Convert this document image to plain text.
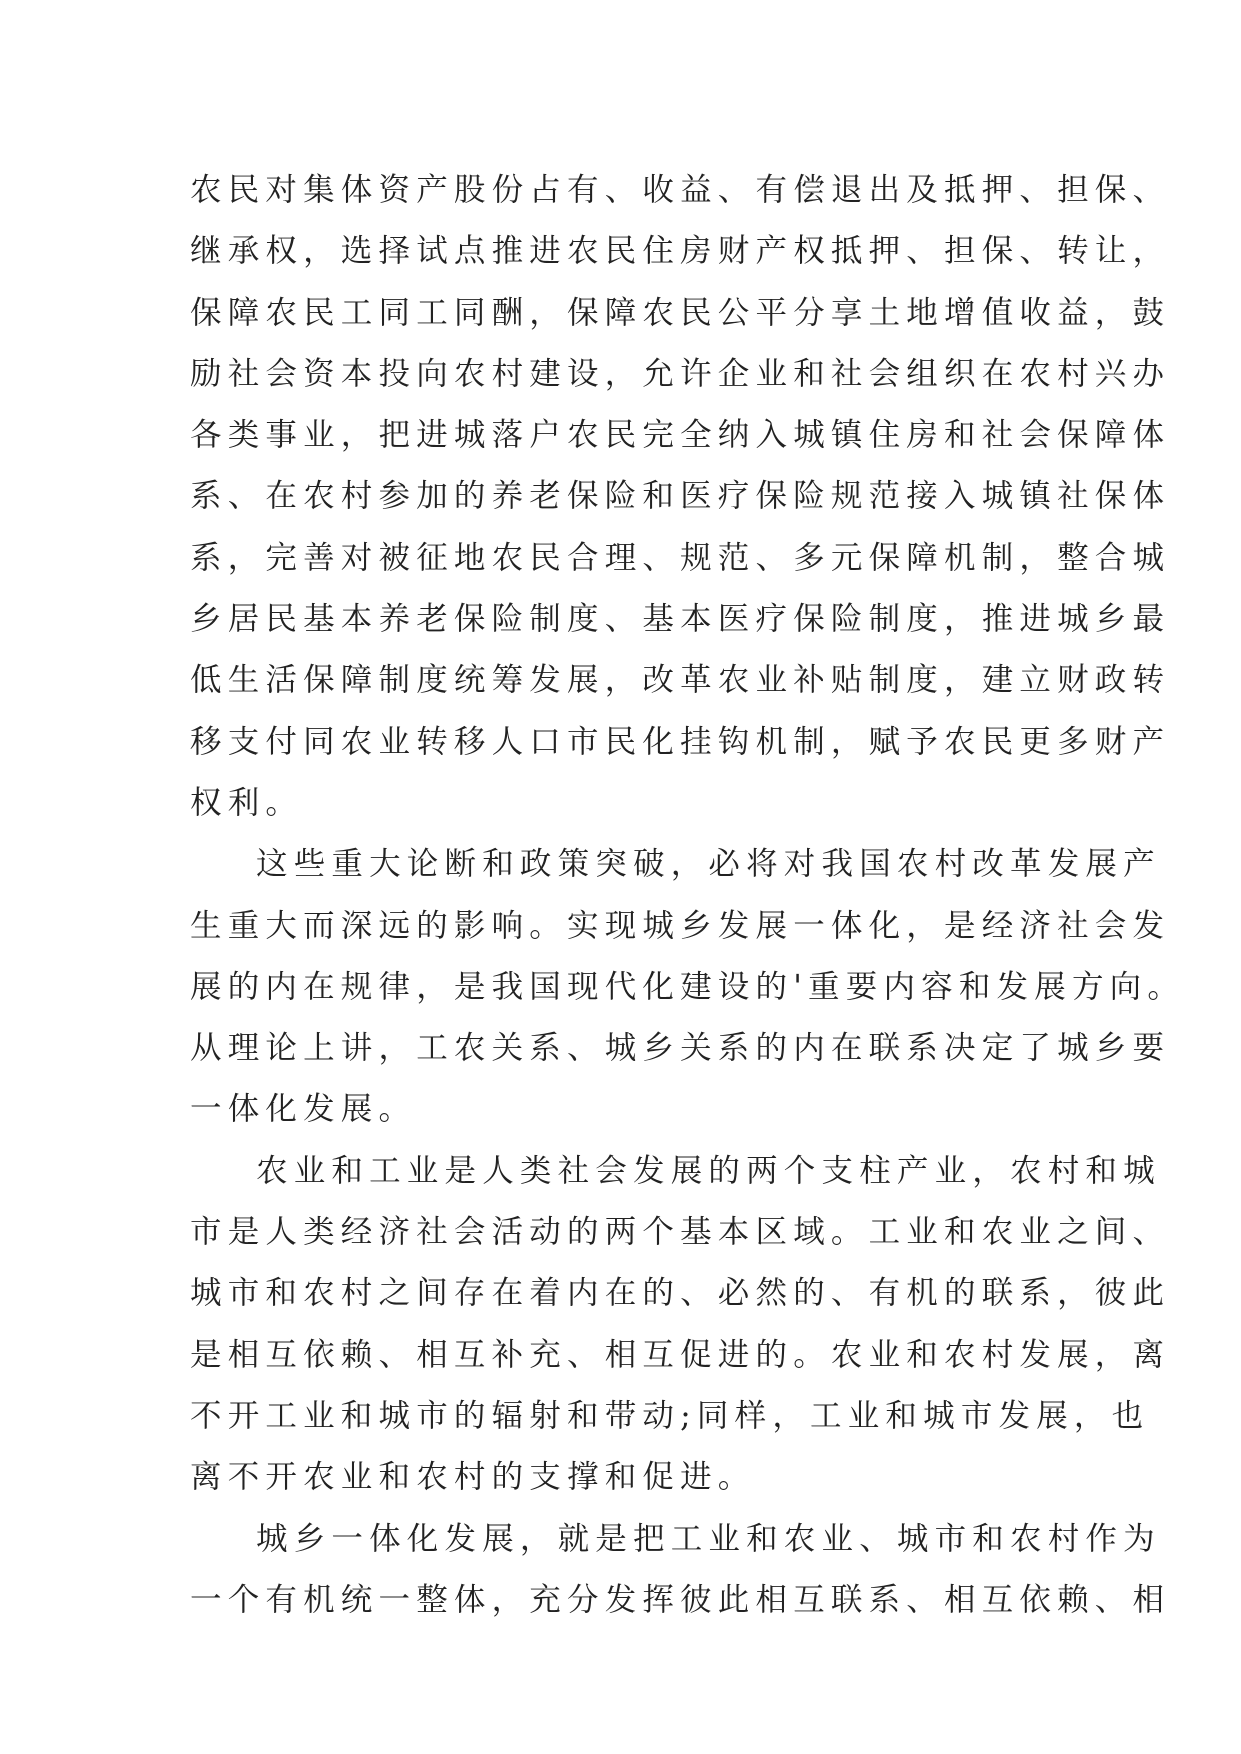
农民对集体资产股份占有、收益、有偿退出及抵押、担保、
继承权，选择试点推进农民住房财产权抵押、担保、转让，
保障农民工同工同酬，保障农民公平分享土地增值收益，鼓
励社会资本投向农村建设，允许企业和社会组织在农村兴办
各类事业，把进城落户农民完全纳入城镇住房和社会保障体
系、在农村参加的养老保险和医疗保险规范接入城镇社保体
系，完善对被征地农民合理、规范、多元保障机制，整合城
乡居民基本养老保险制度、基本医疗保险制度，推进城乡最
低生活保障制度统筹发展，改革农业补贴制度，建立财政转
移支付同农业转移人口市民化挂钩机制，赋予农民更多财产
权利。
这些重大论断和政策突破，必将对我国农村改革发展产
生重大而深远的影响。实现城乡发展一体化，是经济社会发
展的内在规律，是我国现代化建设的'重要内容和发展方向。
从理论上讲，工农关系、城乡关系的内在联系决定了城乡要
一体化发展。
农业和工业是人类社会发展的两个支柱产业，农村和城
市是人类经济社会活动的两个基本区域。工业和农业之间、
城市和农村之间存在着内在的、必然的、有机的联系，彼此
是相互依赖、相互补充、相互促进的。农业和农村发展，离
不开工业和城市的辐射和带动;同样，工业和城市发展，也
离不开农业和农村的支撑和促进。
城乡一体化发展，就是把工业和农业、城市和农村作为
一个有机统一整体，充分发挥彼此相互联系、相互依赖、相
